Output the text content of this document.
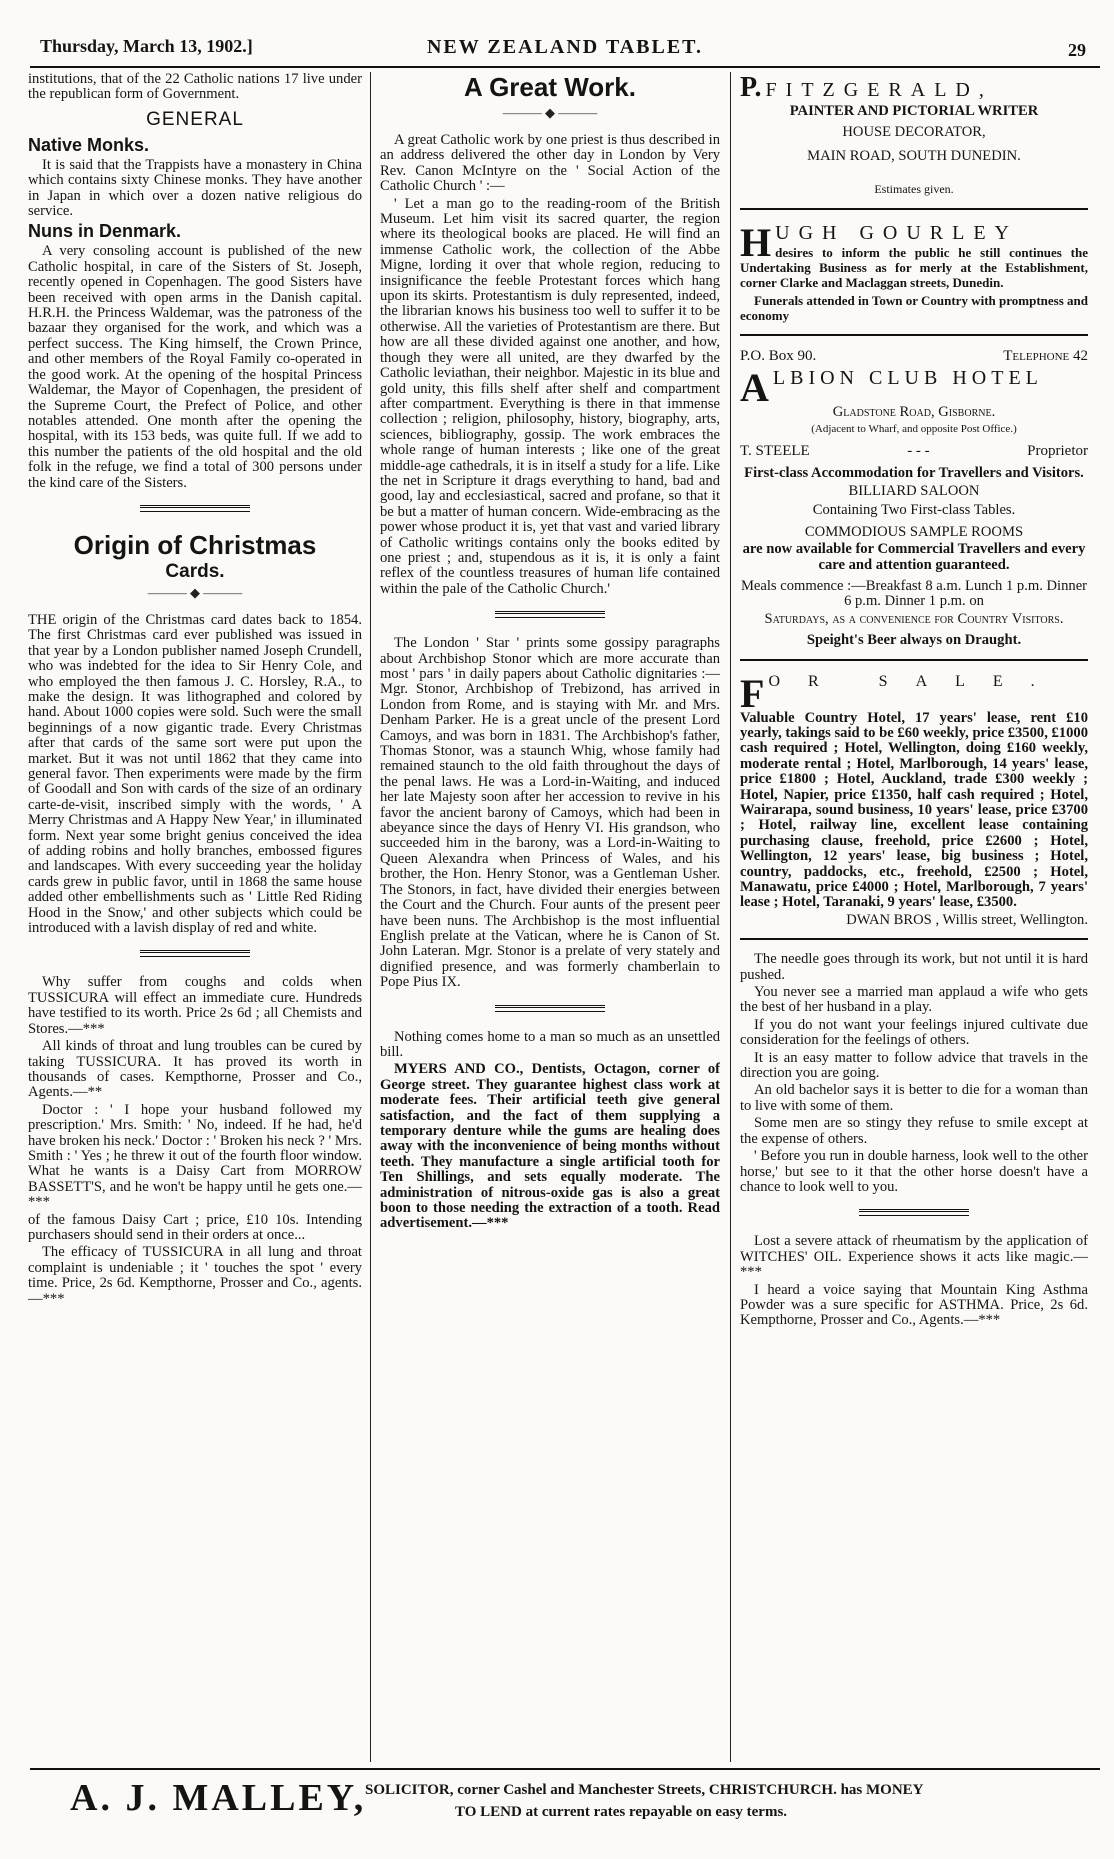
Thursday, March 13, 1902.]	NEW ZEALAND TABLET.	29

institutions, that of the 22 Catholic nations 17 live under the republican form of Government.

GENERAL
Native Monks.

It is said that the Trappists have a monastery in China which contains sixty Chinese monks. They have another in Japan in which over a dozen native religious do service.

Nuns in Denmark.

A very consoling account is published of the new Catholic hospital, in care of the Sisters of St. Joseph, recently opened in Copenhagen. The good Sisters have been received with open arms in the Danish capital. H.R.H. the Princess Waldemar, was the patroness of the bazaar they organised for the work, and which was a perfect success. The King himself, the Crown Prince, and other members of the Royal Family co-operated in the good work. At the opening of the hospital Princess Waldemar, the Mayor of Copenhagen, the president of the Supreme Court, the Prefect of Police, and other notables attended. One month after the opening the hospital, with its 153 beds, was quite full. If we add to this number the patients of the old hospital and the old folk in the refuge, we find a total of 300 persons under the kind care of the Sisters.

Origin of Christmas
Cards.
——— ◆ ———

THE origin of the Christmas card dates back to 1854. The first Christmas card ever published was issued in that year by a London publisher named Joseph Crundell, who was indebted for the idea to Sir Henry Cole, and who employed the then famous J. C. Horsley, R.A., to make the design. It was lithographed and colored by hand. About 1000 copies were sold. Such were the small beginnings of a now gigantic trade. Every Christmas after that cards of the same sort were put upon the market. But it was not until 1862 that they came into general favor. Then experiments were made by the firm of Goodall and Son with cards of the size of an ordinary carte-de-visit, inscribed simply with the words, ' A Merry Christmas and A Happy New Year,' in illuminated form. Next year some bright genius conceived the idea of adding robins and holly branches, embossed figures and landscapes. With every succeeding year the holiday cards grew in public favor, until in 1868 the same house added other embellishments such as ' Little Red Riding Hood in the Snow,' and other subjects which could be introduced with a lavish display of red and white.

Why suffer from coughs and colds when TUSSICURA will effect an immediate cure. Hundreds have testified to its worth. Price 2s 6d ; all Chemists and Stores.—***

All kinds of throat and lung troubles can be cured by taking TUSSICURA. It has proved its worth in thousands of cases. Kempthorne, Prosser and Co., Agents.—**

Doctor : ' I hope your husband followed my prescription.' Mrs. Smith: ' No, indeed. If he had, he'd have broken his neck.' Doctor : ' Broken his neck ? ' Mrs. Smith : ' Yes ; he threw it out of the fourth floor window. What he wants is a Daisy Cart from MORROW BASSETT'S, and he won't be happy until he gets one.—***

of the famous Daisy Cart ; price, £10 10s. Intending purchasers should send in their orders at once...

The efficacy of TUSSICURA in all lung and throat complaint is undeniable ; it ' touches the spot ' every time. Price, 2s 6d. Kempthorne, Prosser and Co., agents.—***

A Great Work.
——— ◆ ———

A great Catholic work by one priest is thus described in an address delivered the other day in London by Very Rev. Canon McIntyre on the ' Social Action of the Catholic Church ' :—

' Let a man go to the reading-room of the British Museum. Let him visit its sacred quarter, the region where its theological books are placed. He will find an immense Catholic work, the collection of the Abbe Migne, lording it over that whole region, reducing to insignificance the feeble Protestant forces which hang upon its skirts. Protestantism is duly represented, indeed, the librarian knows his business too well to suffer it to be otherwise. All the varieties of Protestantism are there. But how are all these divided against one another, and how, though they were all united, are they dwarfed by the Catholic leviathan, their neighbor. Majestic in its blue and gold unity, this fills shelf after shelf and compartment after compartment. Everything is there in that immense collection ; religion, philosophy, history, biography, arts, sciences, bibliography, gossip. The work embraces the whole range of human interests ; like one of the great middle-age cathedrals, it is in itself a study for a life. Like the net in Scripture it drags everything to hand, bad and good, lay and ecclesiastical, sacred and profane, so that it be but a matter of human concern. Wide-embracing as the power whose product it is, yet that vast and varied library of Catholic writings contains only the books edited by one priest ; and, stupendous as it is, it is only a faint reflex of the countless treasures of human life contained within the pale of the Catholic Church.'

The London ' Star ' prints some gossipy paragraphs about Archbishop Stonor which are more accurate than most ' pars ' in daily papers about Catholic dignitaries :—Mgr. Stonor, Archbishop of Trebizond, has arrived in London from Rome, and is staying with Mr. and Mrs. Denham Parker. He is a great uncle of the present Lord Camoys, and was born in 1831. The Archbishop's father, Thomas Stonor, was a staunch Whig, whose family had remained staunch to the old faith throughout the days of the penal laws. He was a Lord-in-Waiting, and induced her late Majesty soon after her accession to revive in his favor the ancient barony of Camoys, which had been in abeyance since the days of Henry VI. His grandson, who succeeded him in the barony, was a Lord-in-Waiting to Queen Alexandra when Princess of Wales, and his brother, the Hon. Henry Stonor, was a Gentleman Usher. The Stonors, in fact, have divided their energies between the Court and the Church. Four aunts of the present peer have been nuns. The Archbishop is the most influential English prelate at the Vatican, where he is Canon of St. John Lateran. Mgr. Stonor is a prelate of very stately and dignified presence, and was formerly chamberlain to Pope Pius IX.

Nothing comes home to a man so much as an unsettled bill.

MYERS AND CO., Dentists, Octagon, corner of George street. They guarantee highest class work at moderate fees. Their artificial teeth give general satisfaction, and the fact of them supplying a temporary denture while the gums are healing does away with the inconvenience of being months without teeth. They manufacture a single artificial tooth for Ten Shillings, and sets equally moderate. The administration of nitrous-oxide gas is also a great boon to those needing the extraction of a tooth. Read advertisement.—***

P. FITZGERALD,

PAINTER AND PICTORIAL WRITER

HOUSE DECORATOR,

MAIN ROAD, SOUTH DUNEDIN.

Estimates given.

H UGH GOURLEY

desires to inform the public he still continues the Undertaking Business as for merly at the Establishment, corner Clarke and Maclaggan streets, Dunedin.

Funerals attended in Town or Country with promptness and economy

P.O. Box 90.	Telephone 42
A LBION CLUB HOTEL

Gladstone Road, Gisborne.

(Adjacent to Wharf, and opposite Post Office.)

T. STEELE	- - -	Proprietor

First-class Accommodation for Travellers and Visitors.

BILLIARD SALOON

Containing Two First-class Tables.

COMMODIOUS SAMPLE ROOMS

are now available for Commercial Travellers and every care and attention guaranteed.

Meals commence :—Breakfast 8 a.m. Lunch 1 p.m. Dinner 6 p.m. Dinner 1 p.m. on

Saturdays, as a convenience for Country Visitors.

Speight's Beer always on Draught.

F OR SALE.

Valuable Country Hotel, 17 years' lease, rent £10 yearly, takings said to be £60 weekly, price £3500, £1000 cash required ; Hotel, Wellington, doing £160 weekly, moderate rental ; Hotel, Marlborough, 14 years' lease, price £1800 ; Hotel, Auckland, trade £300 weekly ; Hotel, Napier, price £1350, half cash required ; Hotel, Wairarapa, sound business, 10 years' lease, price £3700 ; Hotel, railway line, excellent lease containing purchasing clause, freehold, price £2600 ; Hotel, Wellington, 12 years' lease, big business ; Hotel, country, paddocks, etc., freehold, £2500 ; Hotel, Manawatu, price £4000 ; Hotel, Marlborough, 7 years' lease ; Hotel, Taranaki, 9 years' lease, £3500.

DWAN BROS , Willis street, Wellington.

The needle goes through its work, but not until it is hard pushed.

You never see a married man applaud a wife who gets the best of her husband in a play.

If you do not want your feelings injured cultivate due consideration for the feelings of others.

It is an easy matter to follow advice that travels in the direction you are going.

An old bachelor says it is better to die for a woman than to live with some of them.

Some men are so stingy they refuse to smile except at the expense of others.

' Before you run in double harness, look well to the other horse,' but see to it that the other horse doesn't have a chance to look well to you.

Lost a severe attack of rheumatism by the application of WITCHES' OIL. Experience shows it acts like magic.—***

I heard a voice saying that Mountain King Asthma Powder was a sure specific for ASTHMA. Price, 2s 6d. Kempthorne, Prosser and Co., Agents.—***

A. J. MALLEY,
SOLICITOR, corner Cashel and Manchester Streets, CHRISTCHURCH. has MONEY
TO LEND at current rates repayable on easy terms.
